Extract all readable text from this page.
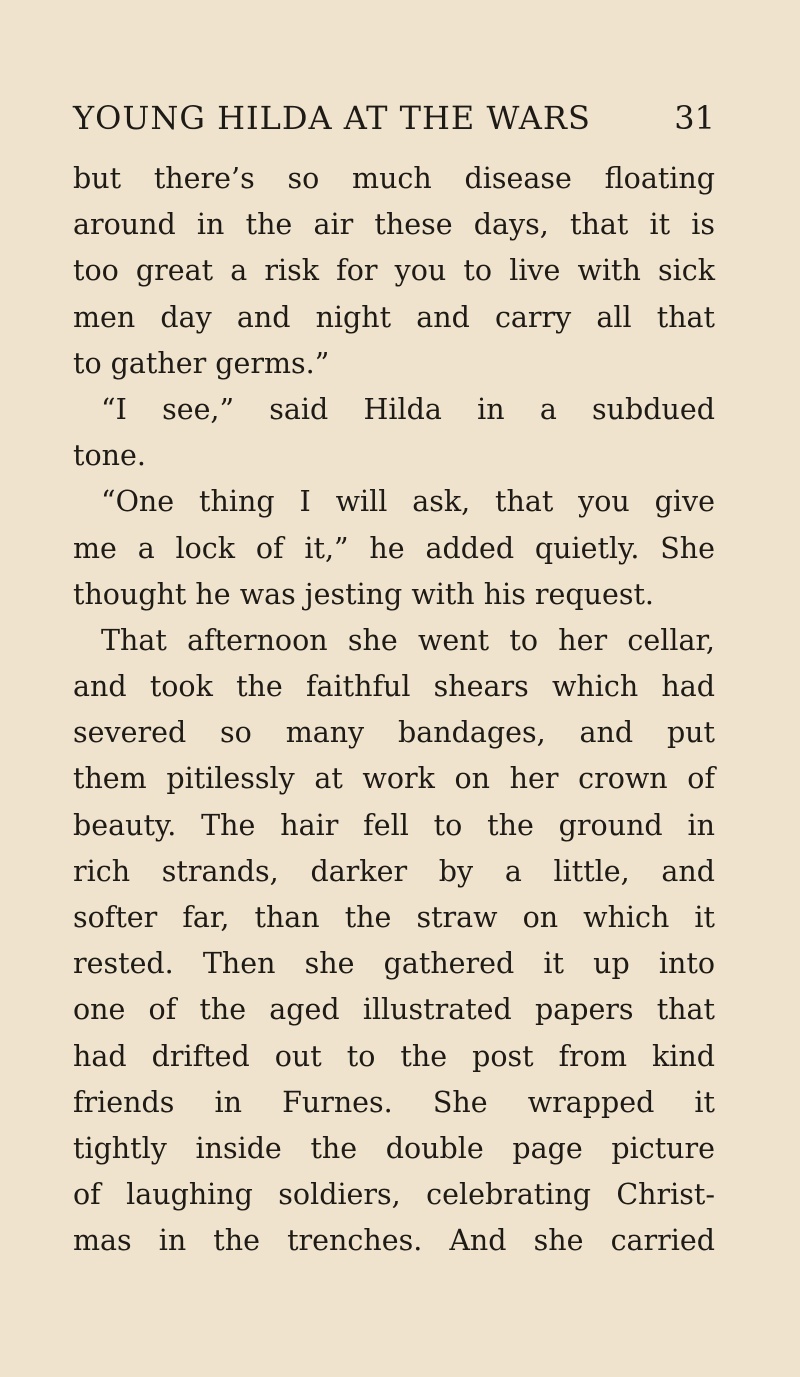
YOUNG HILDA AT THE WARS	31
but there’s so much disease floating
around in the air these days, that it is
too great a risk for you to live with sick
men day and night and carry all that
to gather germs.”
“I see,” said Hilda in a subdued
tone.
“One thing I will ask, that you give
me a lock of it,” he added quietly. She
thought he was jesting with his request.
That afternoon she went to her cellar,
and took the faithful shears which had
severed so many bandages, and put
them pitilessly at work on her crown of
beauty. The hair fell to the ground in
rich strands, darker by a little, and
softer far, than the straw on which it
rested. Then she gathered it up into
one of the aged illustrated papers that
had drifted out to the post from kind
friends in Furnes. She wrapped it
tightly inside the double page picture
of laughing soldiers, celebrating Christ-
mas in the trenches. And she carried
